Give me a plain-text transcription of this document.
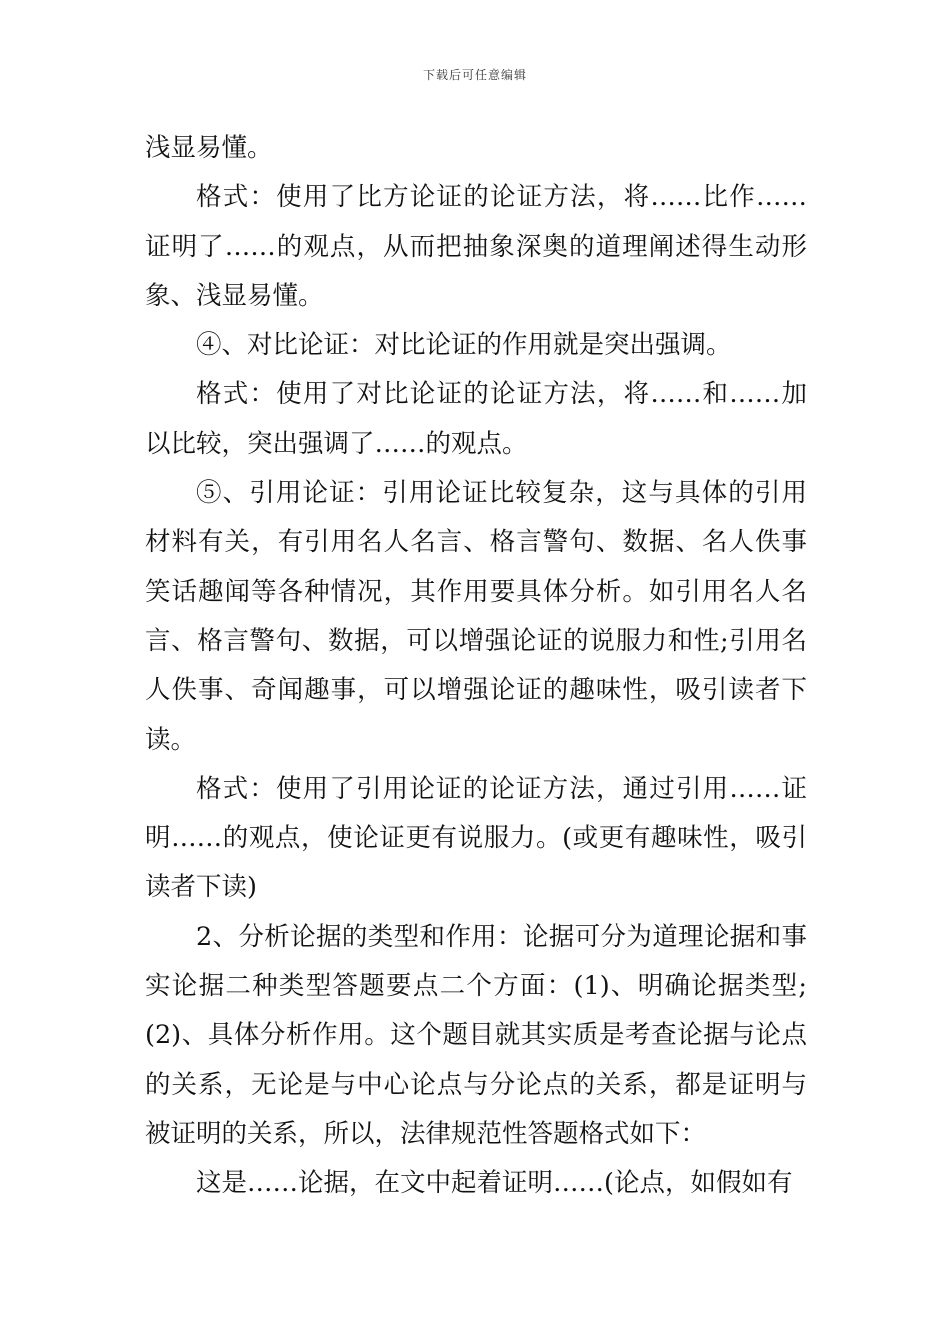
下载后可任意编辑

浅显易懂。

格式：使用了比方论证的论证方法，将……比作……证明了……的观点，从而把抽象深奥的道理阐述得生动形象、浅显易懂。

④、对比论证：对比论证的作用就是突出强调。

格式：使用了对比论证的论证方法，将……和……加以比较，突出强调了……的观点。

⑤、引用论证：引用论证比较复杂，这与具体的引用材料有关，有引用名人名言、格言警句、数据、名人佚事笑话趣闻等各种情况，其作用要具体分析。如引用名人名言、格言警句、数据，可以增强论证的说服力和性;引用名人佚事、奇闻趣事，可以增强论证的趣味性，吸引读者下读。

格式：使用了引用论证的论证方法，通过引用……证明……的观点，使论证更有说服力。(或更有趣味性，吸引读者下读)

2、分析论据的类型和作用：论据可分为道理论据和事实论据二种类型答题要点二个方面：(1)、明确论据类型;(2)、具体分析作用。这个题目就其实质是考查论据与论点的关系，无论是与中心论点与分论点的关系，都是证明与被证明的关系，所以，法律规范性答题格式如下：

这是……论据，在文中起着证明……(论点，如假如有
